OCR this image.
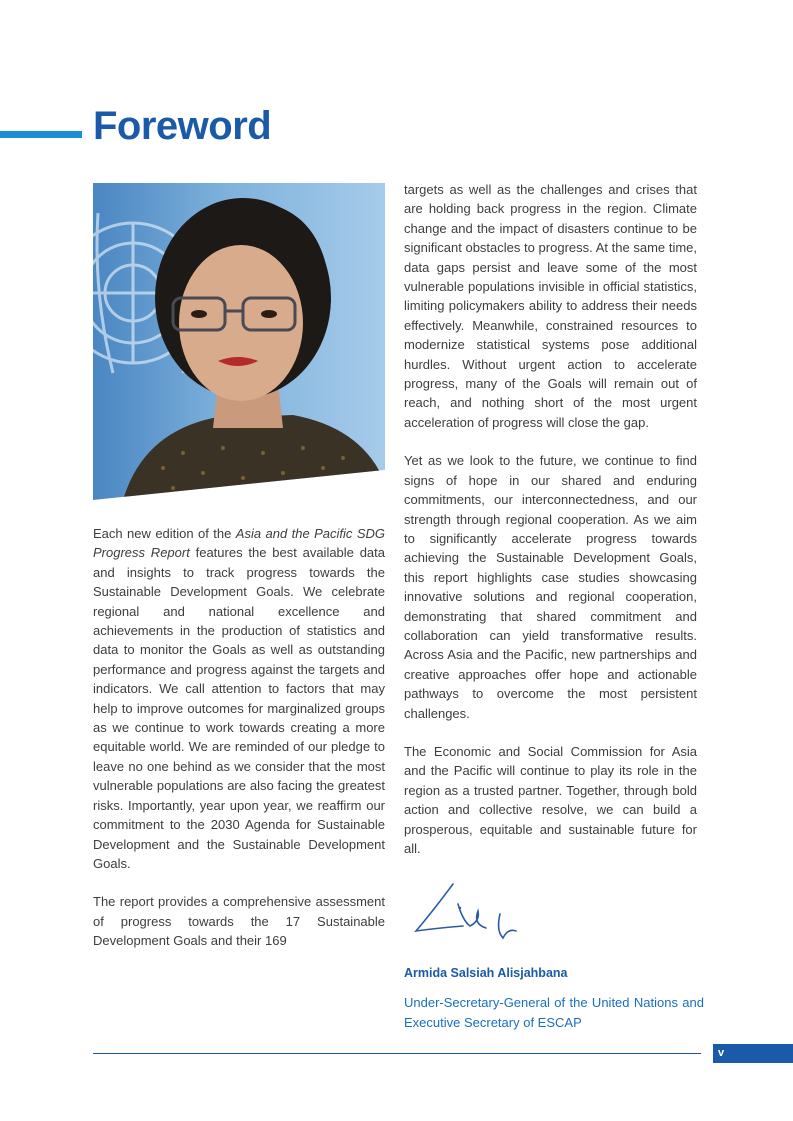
Foreword

Each new edition of the Asia and the Pacific SDG Progress Report features the best available data and insights to track progress towards the Sustainable Development Goals. We celebrate regional and national excellence and achievements in the production of statistics and data to monitor the Goals as well as outstanding performance and progress against the targets and indicators. We call attention to factors that may help to improve outcomes for marginalized groups as we continue to work towards creating a more equitable world. We are reminded of our pledge to leave no one behind as we consider that the most vulnerable populations are also facing the greatest risks. Importantly, year upon year, we reaffirm our commitment to the 2030 Agenda for Sustainable Development and the Sustainable Development Goals.

The report provides a comprehensive assessment of progress towards the 17 Sustainable Development Goals and their 169

targets as well as the challenges and crises that are holding back progress in the region. Climate change and the impact of disasters continue to be significant obstacles to progress. At the same time, data gaps persist and leave some of the most vulnerable populations invisible in official statistics, limiting policymakers ability to address their needs effectively. Meanwhile, constrained resources to modernize statistical systems pose additional hurdles. Without urgent action to accelerate progress, many of the Goals will remain out of reach, and nothing short of the most urgent acceleration of progress will close the gap.

Yet as we look to the future, we continue to find signs of hope in our shared and enduring commitments, our interconnectedness, and our strength through regional cooperation. As we aim to significantly accelerate progress towards achieving the Sustainable Development Goals, this report highlights case studies showcasing innovative solutions and regional cooperation, demonstrating that shared commitment and collaboration can yield transformative results. Across Asia and the Pacific, new partnerships and creative approaches offer hope and actionable pathways to overcome the most persistent challenges.

The Economic and Social Commission for Asia and the Pacific will continue to play its role in the region as a trusted partner. Together, through bold action and collective resolve, we can build a prosperous, equitable and sustainable future for all.

Armida Salsiah Alisjahbana
Under-Secretary-General of the United Nations and Executive Secretary of ESCAP
v
